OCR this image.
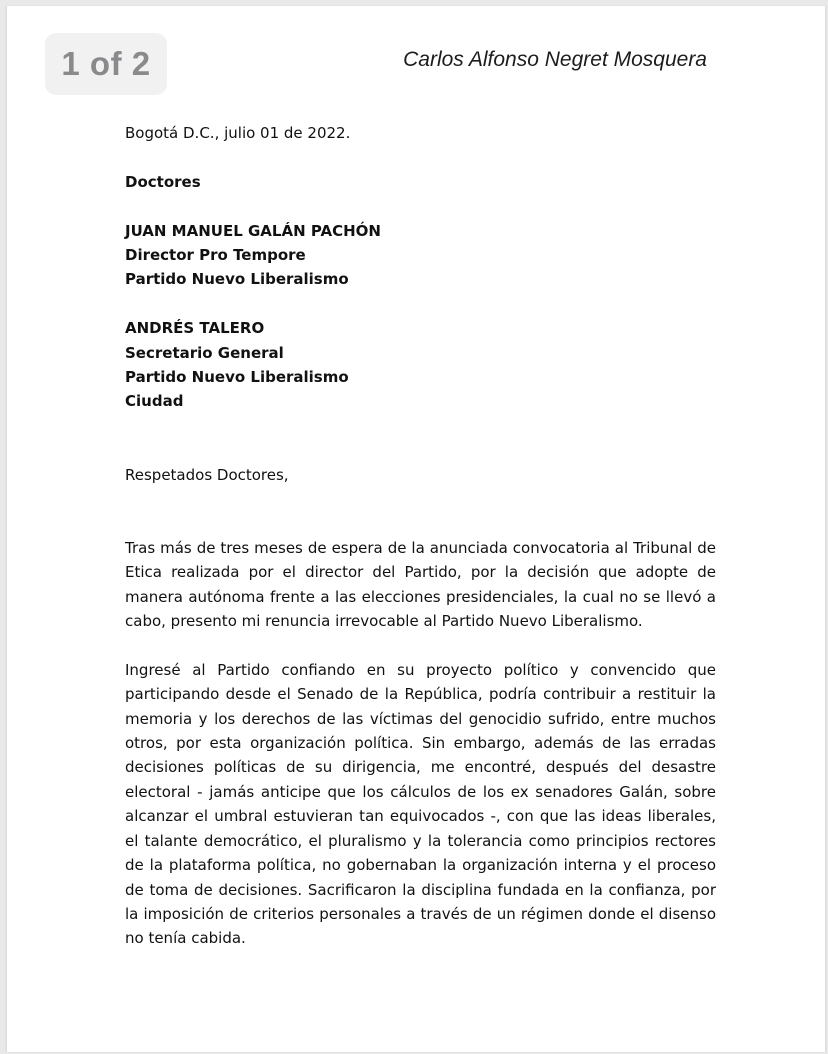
1 of 2	Carlos Alfonso Negret Mosquera

Bogotá D.C., julio 01 de 2022.

Doctores

JUAN MANUEL GALÁN PACHÓN

Director Pro Tempore

Partido Nuevo Liberalismo

ANDRÉS TALERO

Secretario General

Partido Nuevo Liberalismo

Ciudad

Respetados Doctores,

Tras más de tres meses de espera de la anunciada convocatoria al Tribunal de Etica realizada por el director del Partido, por la decisión que adopte de manera autónoma frente a las elecciones presidenciales, la cual no se llevó a cabo, presento mi renuncia irrevocable al Partido Nuevo Liberalismo.

Ingresé al Partido confiando en su proyecto político y convencido que participando desde el Senado de la República, podría contribuir a restituir la memoria y los derechos de las víctimas del genocidio sufrido, entre muchos otros, por esta organización política. Sin embargo, además de las erradas decisiones políticas de su dirigencia, me encontré, después del desastre electoral - jamás anticipe que los cálculos de los ex senadores Galán, sobre alcanzar el umbral estuvieran tan equivocados -, con que las ideas liberales, el talante democrático, el pluralismo y la tolerancia como principios rectores de la plataforma política, no gobernaban la organización interna y el proceso de toma de decisiones. Sacrificaron la disciplina fundada en la confianza, por la imposición de criterios personales a través de un régimen donde el disenso no tenía cabida.
